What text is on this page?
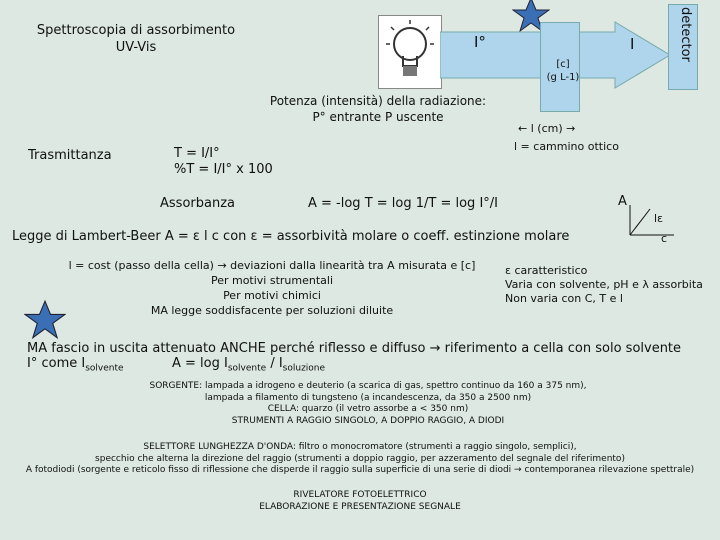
Spettroscopia di assorbimento
UV-Vis	I°
[c]
(g L-1)
I	detector
Potenza (intensità) della radiazione:
P° entrante P uscente
← l (cm) →
l = cammino ottico
Trasmittanza	T = I/I°
%T = I/I° x 100
Assorbanza	A = -log T = log 1/T = log I°/I	A
lε
c
Legge di Lambert-Beer A = ε l c con ε = assorbività molare o coeff. estinzione molare
l = cost (passo della cella) → deviazioni dalla linearità tra A misurata e [c]
Per motivi strumentali
Per motivi chimici
MA legge soddisfacente per soluzioni diluite
ε caratteristico
Varia con solvente, pH e λ assorbita
Non varia con C, T e l
MA fascio in uscita attenuato ANCHE perché riflesso e diffuso → riferimento a cella con solo solvente
I° come $I_{solvente}$	$A = \log I_{solvente} / I_{soluzione}$
SORGENTE: lampada a idrogeno e deuterio (a scarica di gas, spettro continuo da 160 a 375 nm),
lampada a filamento di tungsteno (a incandescenza, da 350 a 2500 nm)
CELLA: quarzo (il vetro assorbe a < 350 nm)
STRUMENTI A RAGGIO SINGOLO, A DOPPIO RAGGIO, A DIODI
SELETTORE LUNGHEZZA D'ONDA: filtro o monocromatore (strumenti a raggio singolo, semplici),
specchio che alterna la direzione del raggio (strumenti a doppio raggio, per azzeramento del segnale del riferimento)
A fotodiodi (sorgente e reticolo fisso di riflessione che disperde il raggio sulla superficie di una serie di diodi → contemporanea rilevazione spettrale)
RIVELATORE FOTOELETTRICO
ELABORAZIONE E PRESENTAZIONE SEGNALE
